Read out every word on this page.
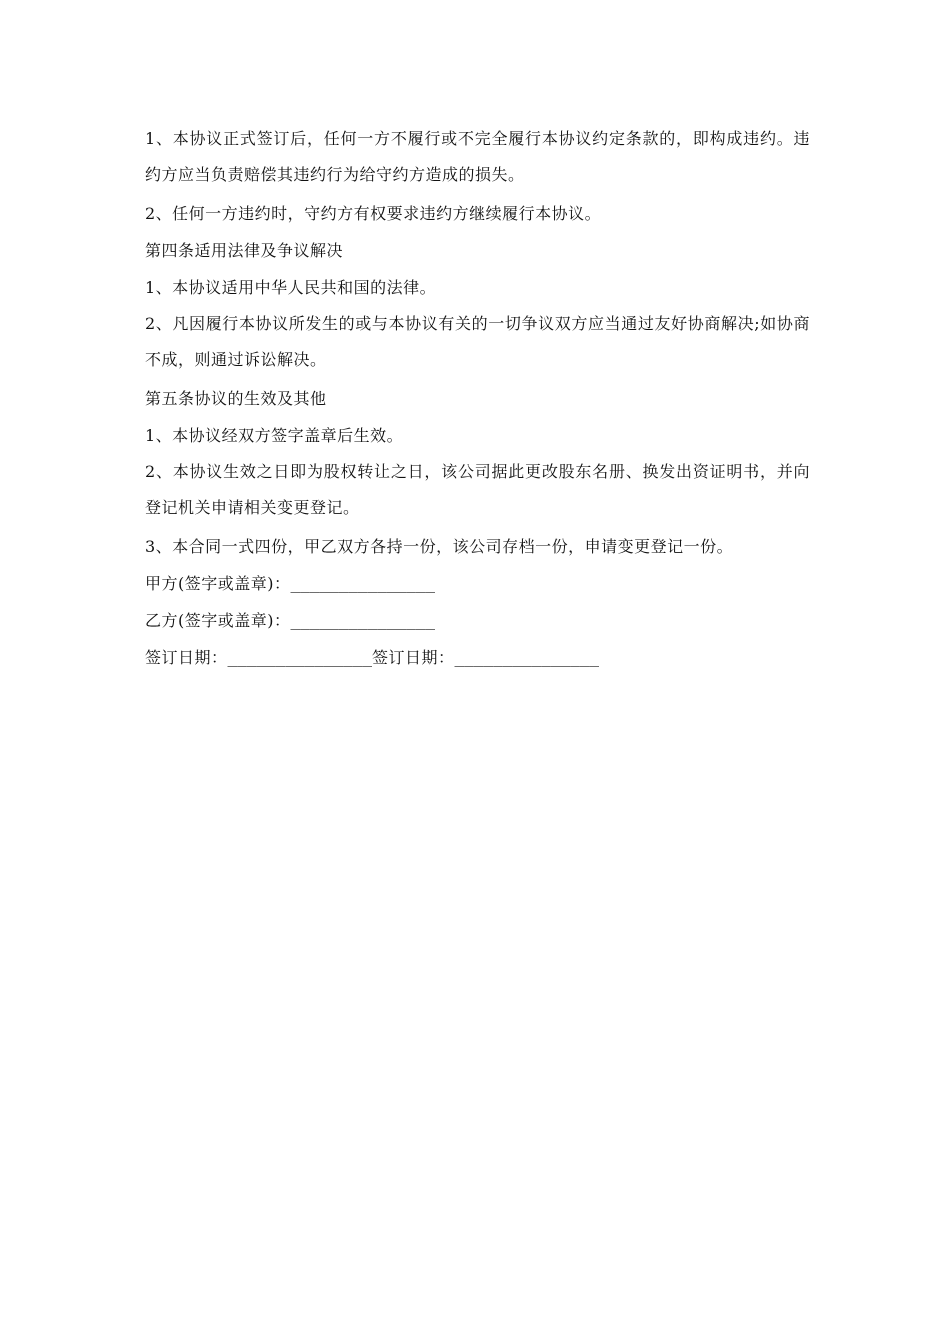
1、本协议正式签订后，任何一方不履行或不完全履行本协议约定条款的，即构成违约。违约方应当负责赔偿其违约行为给守约方造成的损失。

2、任何一方违约时，守约方有权要求违约方继续履行本协议。
第四条适用法律及争议解决
1、本协议适用中华人民共和国的法律。

2、凡因履行本协议所发生的或与本协议有关的一切争议双方应当通过友好协商解决;如协商不成，则通过诉讼解决。

第五条协议的生效及其他
1、本协议经双方签字盖章后生效。

2、本协议生效之日即为股权转让之日，该公司据此更改股东名册、换发出资证明书，并向登记机关申请相关变更登记。

3、本合同一式四份，甲乙双方各持一份，该公司存档一份，申请变更登记一份。
甲方(签字或盖章)：_______________
乙方(签字或盖章)：_______________
签订日期：_______________签订日期：_______________
